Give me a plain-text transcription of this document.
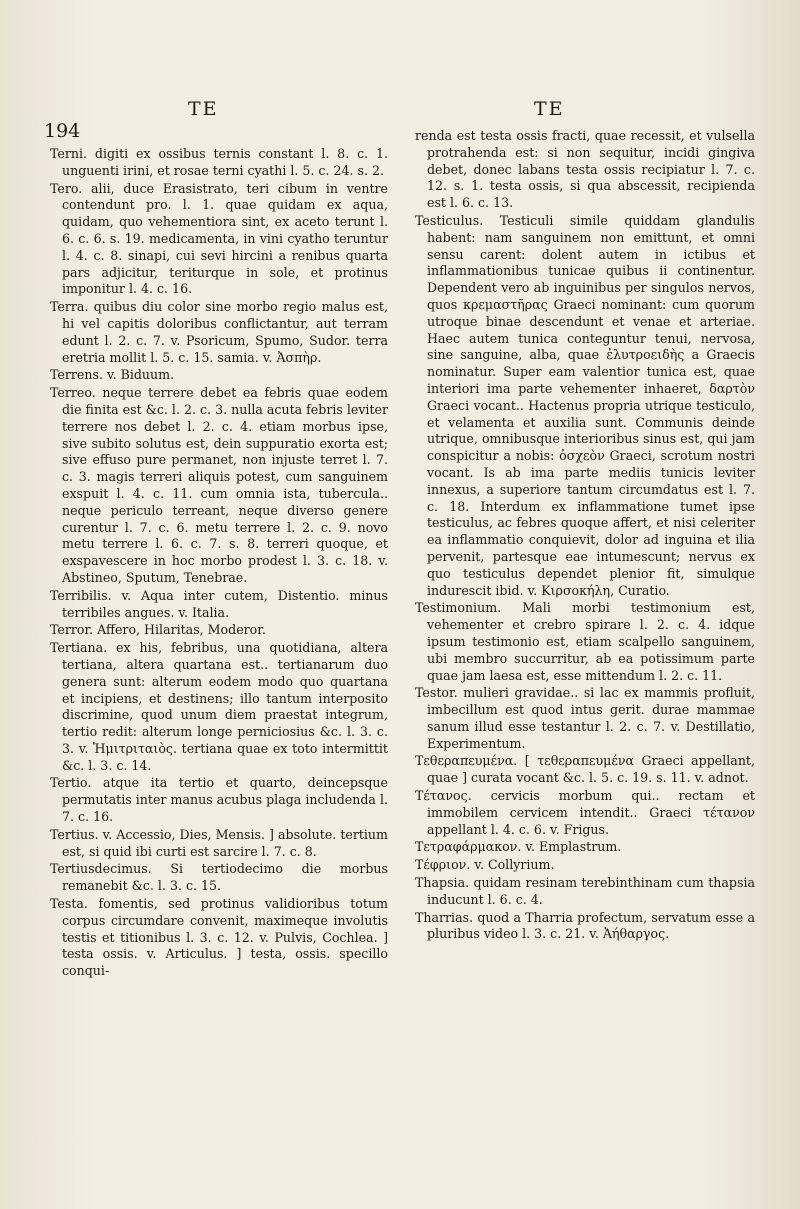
TE	TE
194

Terni. digiti ex ossibus ternis constant l. 8. c. 1. unguenti irini, et rosae terni cyathi l. 5. c. 24. s. 2.

Tero. alii, duce Erasistrato, teri cibum in ventre contendunt pro. l. 1. quae quidam ex aqua, quidam, quo vehementiora sint, ex aceto terunt l. 6. c. 6. s. 19. medicamenta, in vini cyatho teruntur l. 4. c. 8. sinapi, cui sevi hircini a renibus quarta pars adjicitur, teriturque in sole, et protinus imponitur l. 4. c. 16.

Terra. quibus diu color sine morbo regio malus est, hi vel capitis doloribus conflictantur, aut terram edunt l. 2. c. 7. v. Psoricum, Spumo, Sudor. terra eretria mollit l. 5. c. 15. samia. v. Ἀσπὴρ.

Terrens. v. Biduum.

Terreo. neque terrere debet ea febris quae eodem die finita est &c. l. 2. c. 3. nulla acuta febris leviter terrere nos debet l. 2. c. 4. etiam morbus ipse, sive subito solutus est, dein suppuratio exorta est; sive effuso pure permanet, non injuste terret l. 7. c. 3. magis terreri aliquis potest, cum sanguinem exspuit l. 4. c. 11. cum omnia ista, tubercula.. neque periculo terreant, neque diverso genere curentur l. 7. c. 6. metu terrere l. 2. c. 9. novo metu terrere l. 6. c. 7. s. 8. terreri quoque, et exspavescere in hoc morbo prodest l. 3. c. 18. v. Abstineo, Sputum, Tenebrae.

Terribilis. v. Aqua inter cutem, Distentio. minus terribiles angues. v. Italia.

Terror. Affero, Hilaritas, Moderor.

Tertiana. ex his, febribus, una quotidiana, altera tertiana, altera quartana est.. tertianarum duo genera sunt: alterum eodem modo quo quartana et incipiens, et destinens; illo tantum interposito discrimine, quod unum diem praestat integrum, tertio redit: alterum longe perniciosius &c. l. 3. c. 3. v. Ἡμιτριταιὸς. tertiana quae ex toto intermittit &c. l. 3. c. 14.

Tertio. atque ita tertio et quarto, deincepsque permutatis inter manus acubus plaga includenda l. 7. c. 16.

Tertius. v. Accessio, Dies, Mensis. ] absolute. tertium est, si quid ibi curti est sarcire l. 7. c. 8.

Tertiusdecimus. Si tertiodecimo die morbus remanebit &c. l. 3. c. 15.

Testa. fomentis, sed protinus validioribus totum corpus circumdare convenit, maximeque involutis testis et titionibus l. 3. c. 12. v. Pulvis, Cochlea. ] testa ossis. v. Articulus. ] testa, ossis. specillo conqui-

renda est testa ossis fracti, quae recessit, et vulsella protrahenda est: si non sequitur, incidi gingiva debet, donec labans testa ossis recipiatur l. 7. c. 12. s. 1. testa ossis, si qua abscessit, recipienda est l. 6. c. 13.

Testiculus. Testiculi simile quiddam glandulis habent: nam sanguinem non emittunt, et omni sensu carent: dolent autem in ictibus et inflammationibus tunicae quibus ii continentur. Dependent vero ab inguinibus per singulos nervos, quos κρεμαστῆρας Graeci nominant: cum quorum utroque binae descendunt et venae et arteriae. Haec autem tunica conteguntur tenui, nervosa, sine sanguine, alba, quae ἐλυτροειδὴς a Graecis nominatur. Super eam valentior tunica est, quae interiori ima parte vehementer inhaeret, δαρτὸν Graeci vocant.. Hactenus propria utrique testiculo, et velamenta et auxilia sunt. Communis deinde utrique, omnibusque interioribus sinus est, qui jam conspicitur a nobis: ὀσχεὸν Graeci, scrotum nostri vocant. Is ab ima parte mediis tunicis leviter innexus, a superiore tantum circumdatus est l. 7. c. 18. Interdum ex inflammatione tumet ipse testiculus, ac febres quoque affert, et nisi celeriter ea inflammatio conquievit, dolor ad inguina et ilia pervenit, partesque eae intumescunt; nervus ex quo testiculus dependet plenior fit, simulque indurescit ibid. v. Κιρσοκήλη, Curatio.

Testimonium. Mali morbi testimonium est, vehementer et crebro spirare l. 2. c. 4. idque ipsum testimonio est, etiam scalpello sanguinem, ubi membro succurritur, ab ea potissimum parte quae jam laesa est, esse mittendum l. 2. c. 11.

Testor. mulieri gravidae.. si lac ex mammis profluit, imbecillum est quod intus gerit. durae mammae sanum illud esse testantur l. 2. c. 7. v. Destillatio, Experimentum.

Τεθεραπευμένα. [ τεθεραπευμένα Graeci appellant, quae ] curata vocant &c. l. 5. c. 19. s. 11. v. adnot.

Τέτανος. cervicis morbum qui.. rectam et immobilem cervicem intendit.. Graeci τέτανον appellant l. 4. c. 6. v. Frigus.

Τετραφάρμακον. v. Emplastrum.

Τέφριον. v. Collyrium.

Thapsia. quidam resinam terebinthinam cum thapsia inducunt l. 6. c. 4.

Tharrias. quod a Tharria profectum, servatum esse a pluribus video l. 3. c. 21. v. Ἀήθαργος.
